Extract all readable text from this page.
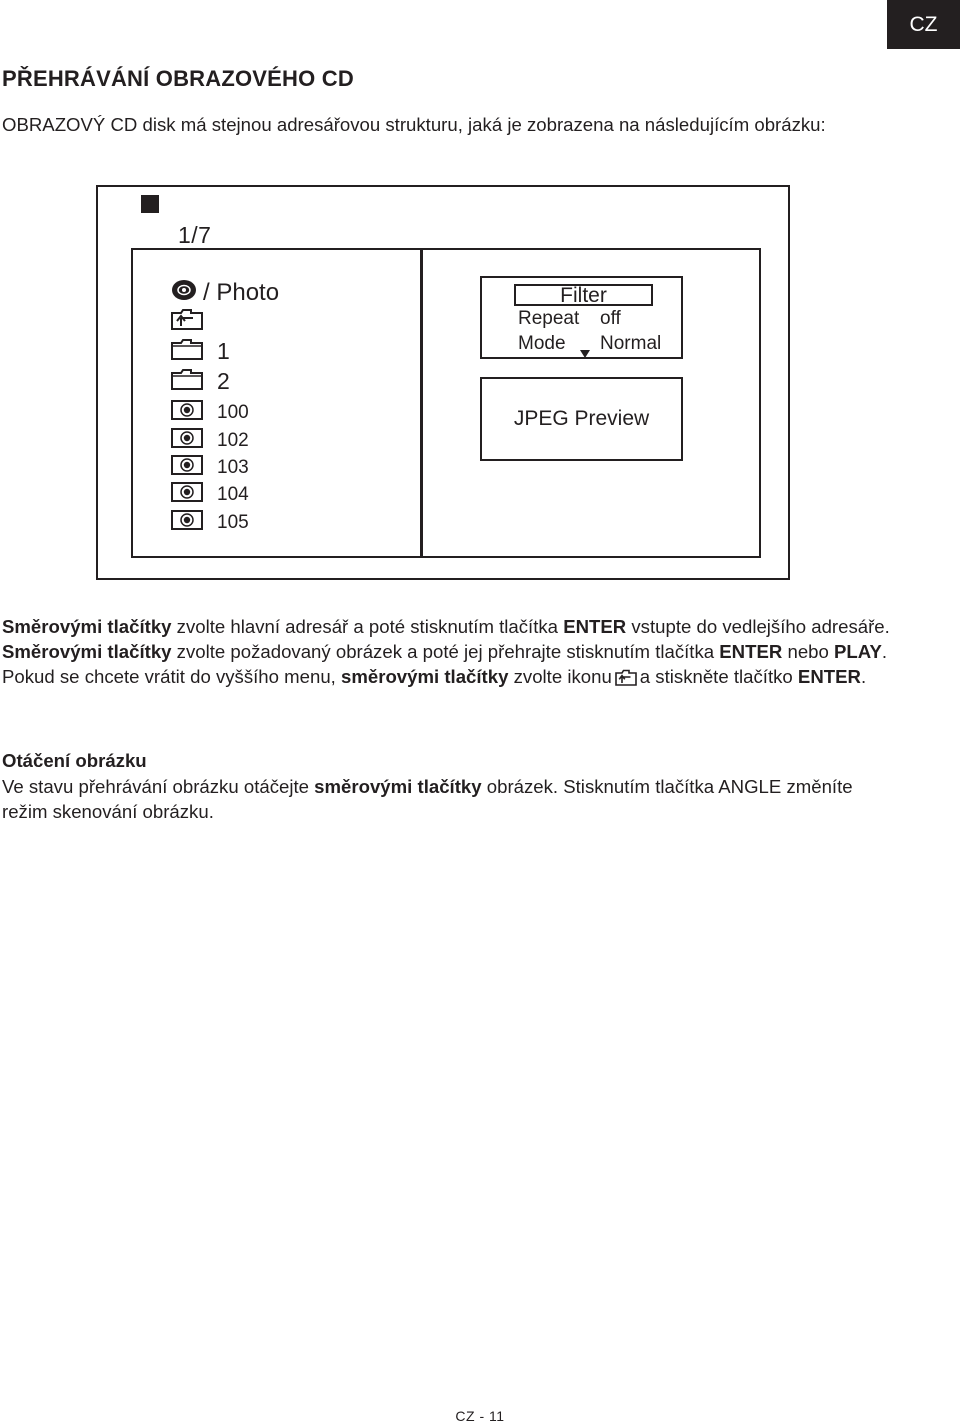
CZ
PŘEHRÁVÁNÍ OBRAZOVÉHO CD

OBRAZOVÝ CD disk má stejnou adresářovou strukturu, jaká je zobrazena na následujícím obrázku:

1/7
/ Photo
1
2
100
102
103
104
105
Filter
Repeat off
Mode Normal
JPEG Preview

Směrovými tlačítky zvolte hlavní adresář a poté stisknutím tlačítka ENTER vstupte do vedlejšího adresáře. Směrovými tlačítky zvolte požadovaný obrázek a poté jej přehrajte stisknutím tlačítka ENTER nebo PLAY. Pokud se chcete vrátit do vyššího menu, směrovými tlačítky zvolte ikonu a stiskněte tlačítko ENTER.

Otáčení obrázku

Ve stavu přehrávání obrázku otáčejte směrovými tlačítky obrázek. Stisknutím tlačítka ANGLE změníte režim skenování obrázku.

CZ - 11
